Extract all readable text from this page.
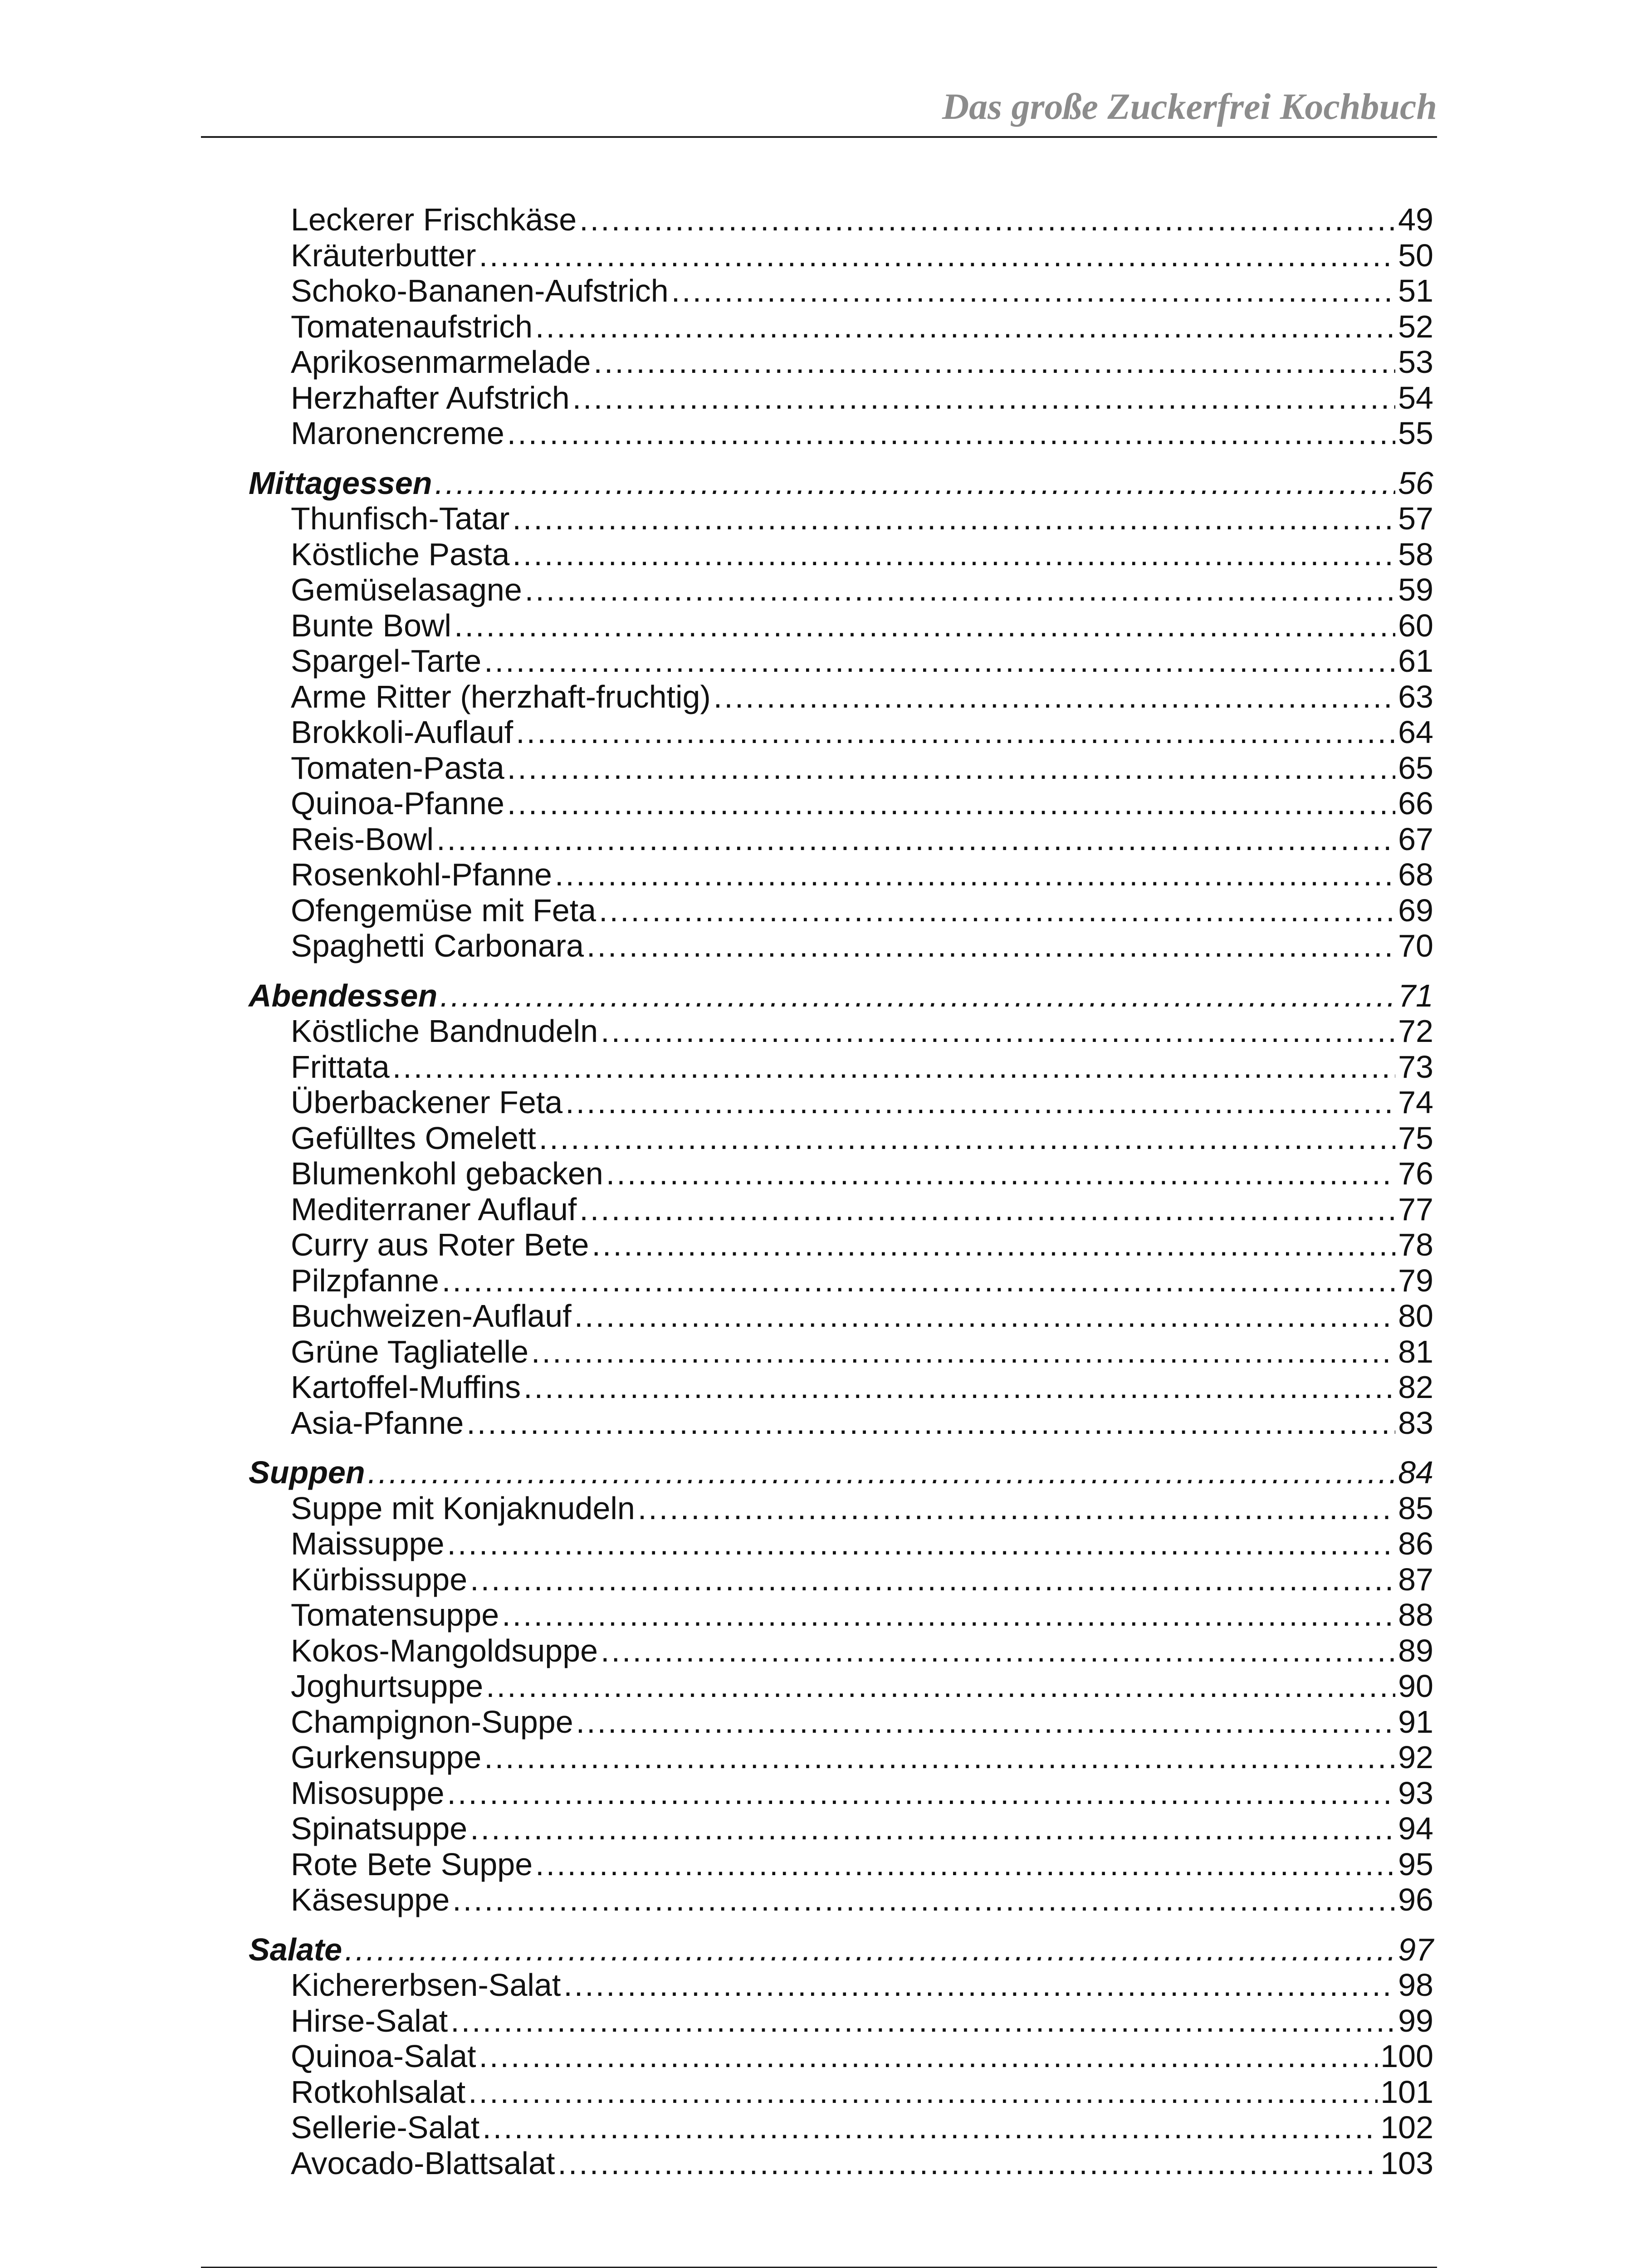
Das große Zuckerfrei Kochbuch
Leckerer Frischkäse .....	49
Kräuterbutter .....	50
Schoko-Bananen-Aufstrich .....	51
Tomatenaufstrich .....	52
Aprikosenmarmelade .....	53
Herzhafter Aufstrich .....	54
Maronencreme .....	55
Mittagessen .....	56
Thunfisch-Tatar .....	57
Köstliche Pasta .....	58
Gemüselasagne .....	59
Bunte Bowl .....	60
Spargel-Tarte .....	61
Arme Ritter (herzhaft-fruchtig) .....	63
Brokkoli-Auflauf .....	64
Tomaten-Pasta .....	65
Quinoa-Pfanne .....	66
Reis-Bowl .....	67
Rosenkohl-Pfanne .....	68
Ofengemüse mit Feta .....	69
Spaghetti Carbonara .....	70
Abendessen .....	71
Köstliche Bandnudeln .....	72
Frittata .....	73
Überbackener Feta .....	74
Gefülltes Omelett .....	75
Blumenkohl gebacken .....	76
Mediterraner Auflauf .....	77
Curry aus Roter Bete .....	78
Pilzpfanne .....	79
Buchweizen-Auflauf .....	80
Grüne Tagliatelle .....	81
Kartoffel-Muffins .....	82
Asia-Pfanne .....	83
Suppen .....	84
Suppe mit Konjaknudeln .....	85
Maissuppe .....	86
Kürbissuppe .....	87
Tomatensuppe .....	88
Kokos-Mangoldsuppe .....	89
Joghurtsuppe .....	90
Champignon-Suppe .....	91
Gurkensuppe .....	92
Misosuppe .....	93
Spinatsuppe .....	94
Rote Bete Suppe .....	95
Käsesuppe .....	96
Salate .....	97
Kichererbsen-Salat .....	98
Hirse-Salat .....	99
Quinoa-Salat .....	100
Rotkohlsalat .....	101
Sellerie-Salat .....	102
Avocado-Blattsalat .....	103
